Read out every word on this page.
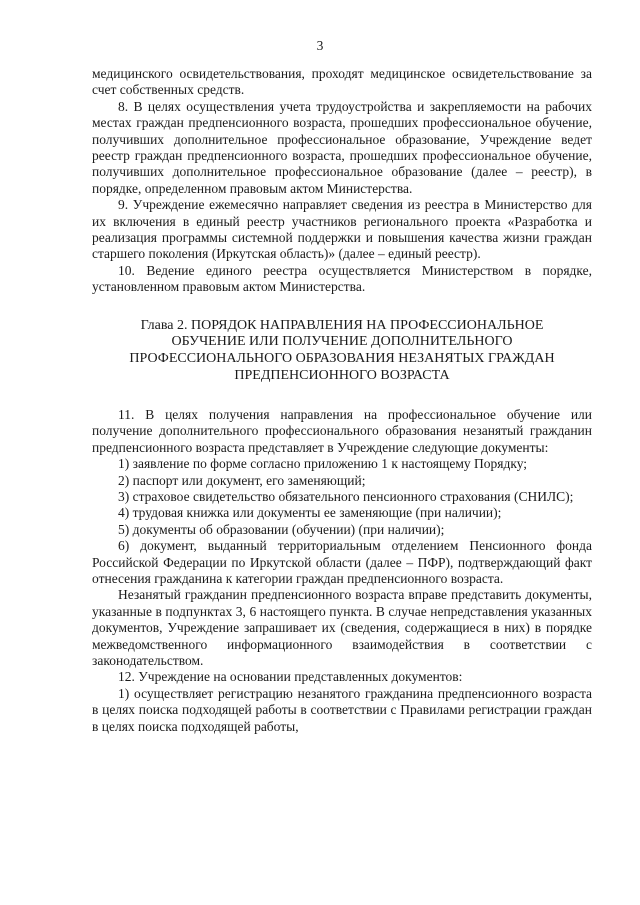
3

медицинского освидетельствования, проходят медицинское освидетельствование за счет собственных средств.

8. В целях осуществления учета трудоустройства и закрепляемости на рабочих местах граждан предпенсионного возраста, прошедших профессиональное обучение, получивших дополнительное профессиональное образование, Учреждение ведет реестр граждан предпенсионного возраста, прошедших профессиональное обучение, получивших дополнительное профессиональное образование (далее – реестр), в порядке, определенном правовым актом Министерства.

9. Учреждение ежемесячно направляет сведения из реестра в Министерство для их включения в единый реестр участников регионального проекта «Разработка и реализация программы системной поддержки и повышения качества жизни граждан старшего поколения (Иркутская область)» (далее – единый реестр).

10. Ведение единого реестра осуществляется Министерством в порядке, установленном правовым актом Министерства.

Глава 2. ПОРЯДОК НАПРАВЛЕНИЯ НА ПРОФЕССИОНАЛЬНОЕ
ОБУЧЕНИЕ ИЛИ ПОЛУЧЕНИЕ ДОПОЛНИТЕЛЬНОГО
ПРОФЕССИОНАЛЬНОГО ОБРАЗОВАНИЯ НЕЗАНЯТЫХ ГРАЖДАН
ПРЕДПЕНСИОННОГО ВОЗРАСТА

11. В целях получения направления на профессиональное обучение или получение дополнительного профессионального образования незанятый гражданин предпенсионного возраста представляет в Учреждение следующие документы:

1) заявление по форме согласно приложению 1 к настоящему Порядку;

2) паспорт или документ, его заменяющий;

3) страховое свидетельство обязательного пенсионного страхования (СНИЛС);

4) трудовая книжка или документы ее заменяющие (при наличии);

5) документы об образовании (обучении) (при наличии);

6) документ, выданный территориальным отделением Пенсионного фонда Российской Федерации по Иркутской области (далее – ПФР), подтверждающий факт отнесения гражданина к категории граждан предпенсионного возраста.

Незанятый гражданин предпенсионного возраста вправе представить документы, указанные в подпунктах 3, 6 настоящего пункта. В случае непредставления указанных документов, Учреждение запрашивает их (сведения, содержащиеся в них) в порядке межведомственного информационного взаимодействия в соответствии с законодательством.

12. Учреждение на основании представленных документов:

1) осуществляет регистрацию незанятого гражданина предпенсионного возраста в целях поиска подходящей работы в соответствии с Правилами регистрации граждан в целях поиска подходящей работы,
